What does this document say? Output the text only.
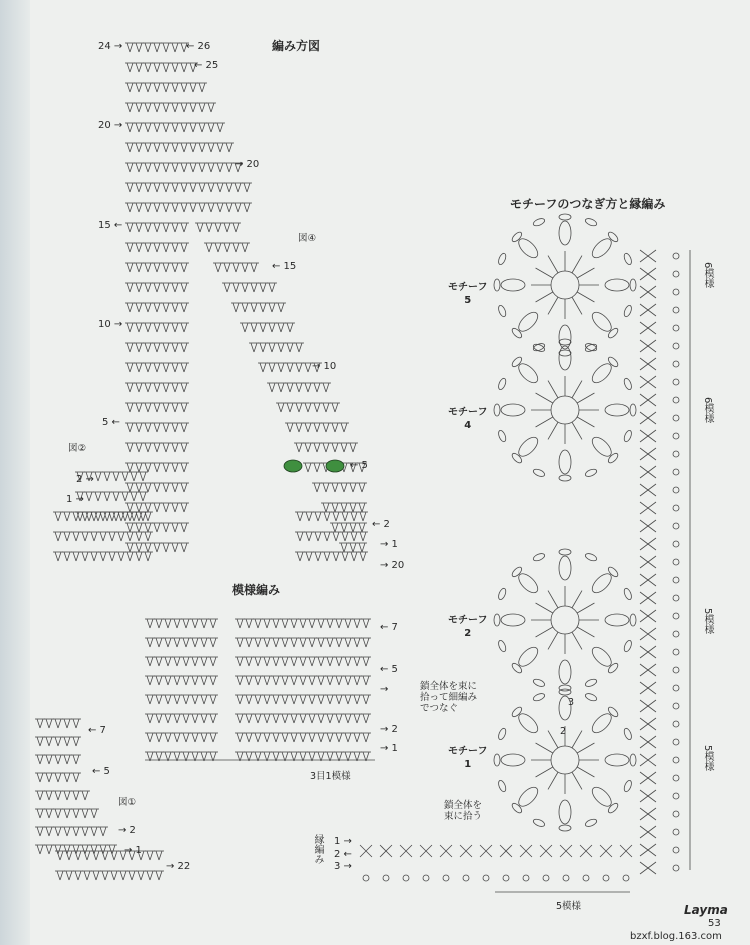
編み方図
模様編み
モチーフのつなぎ方と縁編み
図②
図④
図①
24 →
20 →
15 ←
10 →
5 ←
2 →
1 →
← 26
← 25
→ 20
← 15
→ 10
← 5
← 2
→ 1
→ 20
← 7
← 5
→
→ 2
→ 1
3目1模様
← 7
← 5
→ 2
→ 1
→ 22
モチーフ
5
モチーフ
4
モチーフ
2
モチーフ
1
6模様
6模様
5模様
5模様
鎖全体を束に
拾って細編み
でつなぐ
鎖全体を
束に拾う
3
2
縁編み 1 →
2 ←
3 →
5模様	Layma
53
bzxf.blog.163.com
